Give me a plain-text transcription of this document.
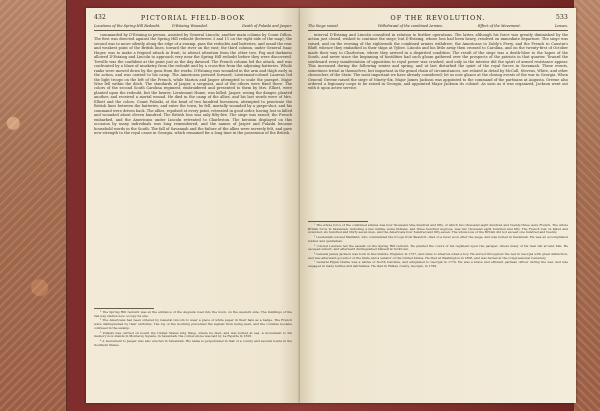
432	PICTORIAL FIELD-BOOK
Locations of the Spring Hill Redoubt.	D'Estaing Wounded.	Death of Pulaski and Jasper.

commanded by D'Estaing in person, assisted by General Lincoln; another main column by Count Dillon. The first was directed against the Spring Hill redoubt (between 3 and 11 on the right side of the map); the second was to move silently along the edge of a swamp, pass the redoubts and batteries, and assail the rear and weakest point of the British lines, toward the river on the east; the third column, under General Isaac Huger, was to make a feigned attack in front, to attract attention from the other two. Fog and darkness allowed D'Estaing and Lincoln to approach very near the Spring Hill redoubt before they were discovered. Treville was the confident at the point just as the day dawned. The French column led the attack, and was confronted by a blaze of musketry from the redoubt and by a cross-fire from the adjoining batteries. Whole ranks were mowed down by the guns from the works. D'Estaing was wounded in the arm and thigh early in the action, and was carried to his camp. The Americans pressed forward; Lieutenant-colonel Laurens led the light troops on the left of the French, while Marion and Jasper attempted to scale the parapet. Major Wise fell within the ditch. The standards of Jasper, a sergeant, and of the others were fixed there. The colors of the second South Carolina regiment, embroidered and presented to them by Mrs. Elliott, were planted upon the redoubt, but the bearer, Lieutenant Hume, was killed. Jasper, seeing the danger, planted another, and received a mortal wound. He died in the camp of the allies, and his last words were of Mrs. Elliott and the colors. Count Pulaski, at the head of two hundred horsemen, attempted to penetrate the British lines between the batteries, and enter the town; he fell, mortally wounded by a grape-shot, and his command were driven back. The allies, repulsed at every point, retreated in good order, having lost in killed and wounded about eleven hundred. The British loss was only fifty-five. The siege was raised; the French embarked, and the Americans under Lincoln retreated to Charleston. The heroism displayed on this occasion by many individuals was long remembered, and the names of Jasper and Pulaski became household words in the South. The fall of Savannah and the failure of the allies were severely felt, and gave new strength to the royal cause in Georgia, which remained for a long time in the possession of the British.

¹ The Spring Hill redoubt was at the entrance of the Augusta road into the town, on the western side. The buildings of the rail-way station now occupy its site.

² The Americans had been ordered by General Lincoln to wear a piece of white paper in their hats as a badge. The French were distinguished by their uniforms. The fog of the morning prevented the signals from being seen, and the columns became confused in the swamp.

³ Pulaski was carried on board the United States brig Wasp, where he died, and was buried at sea. A monument to his memory now stands in Monterey Square, in Savannah; the corner-stone was laid by La Fayette in 1825.

⁴ A monument to Jasper was also erected in Savannah. His name is perpetuated in that of a county and several towns in the Southern States.

OF THE REVOLUTION.	533
The Siege raised.	Withdrawal of the combined Armies.	Effect of the Movement.	Losses.

interval D'Estaing and Lincoln consulted in relation to further operations. The latter, although his force was greatly diminished by the action just closed, wished to continue the siege; but D'Estaing, whose loss had been heavy, resolved on immediate departure. The siege was raised, and on the evening of the eighteenth the combined armies withdrew; the Americans to Zubly's Ferry, and the French to Caustin's Bluff, whence they embarked in their ships at Tybee. Lincoln and his little army then crossed to Carolina, and on the twenty-first of October made their way to Charleston, where they arrived in a dispirited condition. The result of the siege was a death-blow to the hopes of the South, and never since the beginning of hostilities had such gloom gathered over the prospects of the patriots in that quarter. Toward the southward every manifestation of opposition to royal power was crushed, and only in the interior did the spirit of armed resistance appear. This increased during the following winter and spring, and at last disturbed the quiet of the royal forces in Savannah. These events, sometimes trivial in themselves, but important in the grand chain of circumstances, are related in detail by McCall, Stevens, White, and other chroniclers of the State. The most important we have already considered; let us now glance at the closing events of the war in Georgia. When General Greene raised the siege of Ninety-Six, Major James Jackson was appointed to the command of the partisans at Augusta. Greene also ordered a legionary corps to be raised in Georgia, and appointed Major Jackson its colonel. As soon as it was organized, Jackson went out with it upon active service.

¹ The whole force of the combined armies was four thousand nine hundred and fifty, of which two thousand eight hundred and twenty-three were French. The whole British force in Savannah, including a few militia, some Indians, and three hundred negroes, was two thousand eight hundred and fifty. The French lost, in killed and wounded, six hundred and thirty-seven men, and the Americans four hundred and fifty-seven. The whole loss of the British did not exceed one hundred and twenty.

² Lieutenant-colonel Maitland, who commanded the troops from Beaufort, died of a fever soon after the siege, and was buried in Savannah. He was an accomplished soldier and gentleman.

³ Colonel Laurens led the assault on the Spring Hill redoubt. He planted the colors of his regiment upon the parapet, where many of his men fell around him. He escaped unhurt, and afterward distinguished himself at Yorktown.

⁴ General James Jackson was born in Devonshire, England, in 1757, and came to America when a boy. He served throughout the war in Georgia with great distinction, and was afterward governor of the State and a senator of the United States. He died at Washington in 1806, and was buried at the Congressional Cemetery.

⁵ General Elijah Clarke was a native of North Carolina, and emigrated to Georgia in 1774. He was a brave and efficient partisan officer during the war, and was engaged in many battles and skirmishes. He died in Wilkes county, Georgia, in 1799.
